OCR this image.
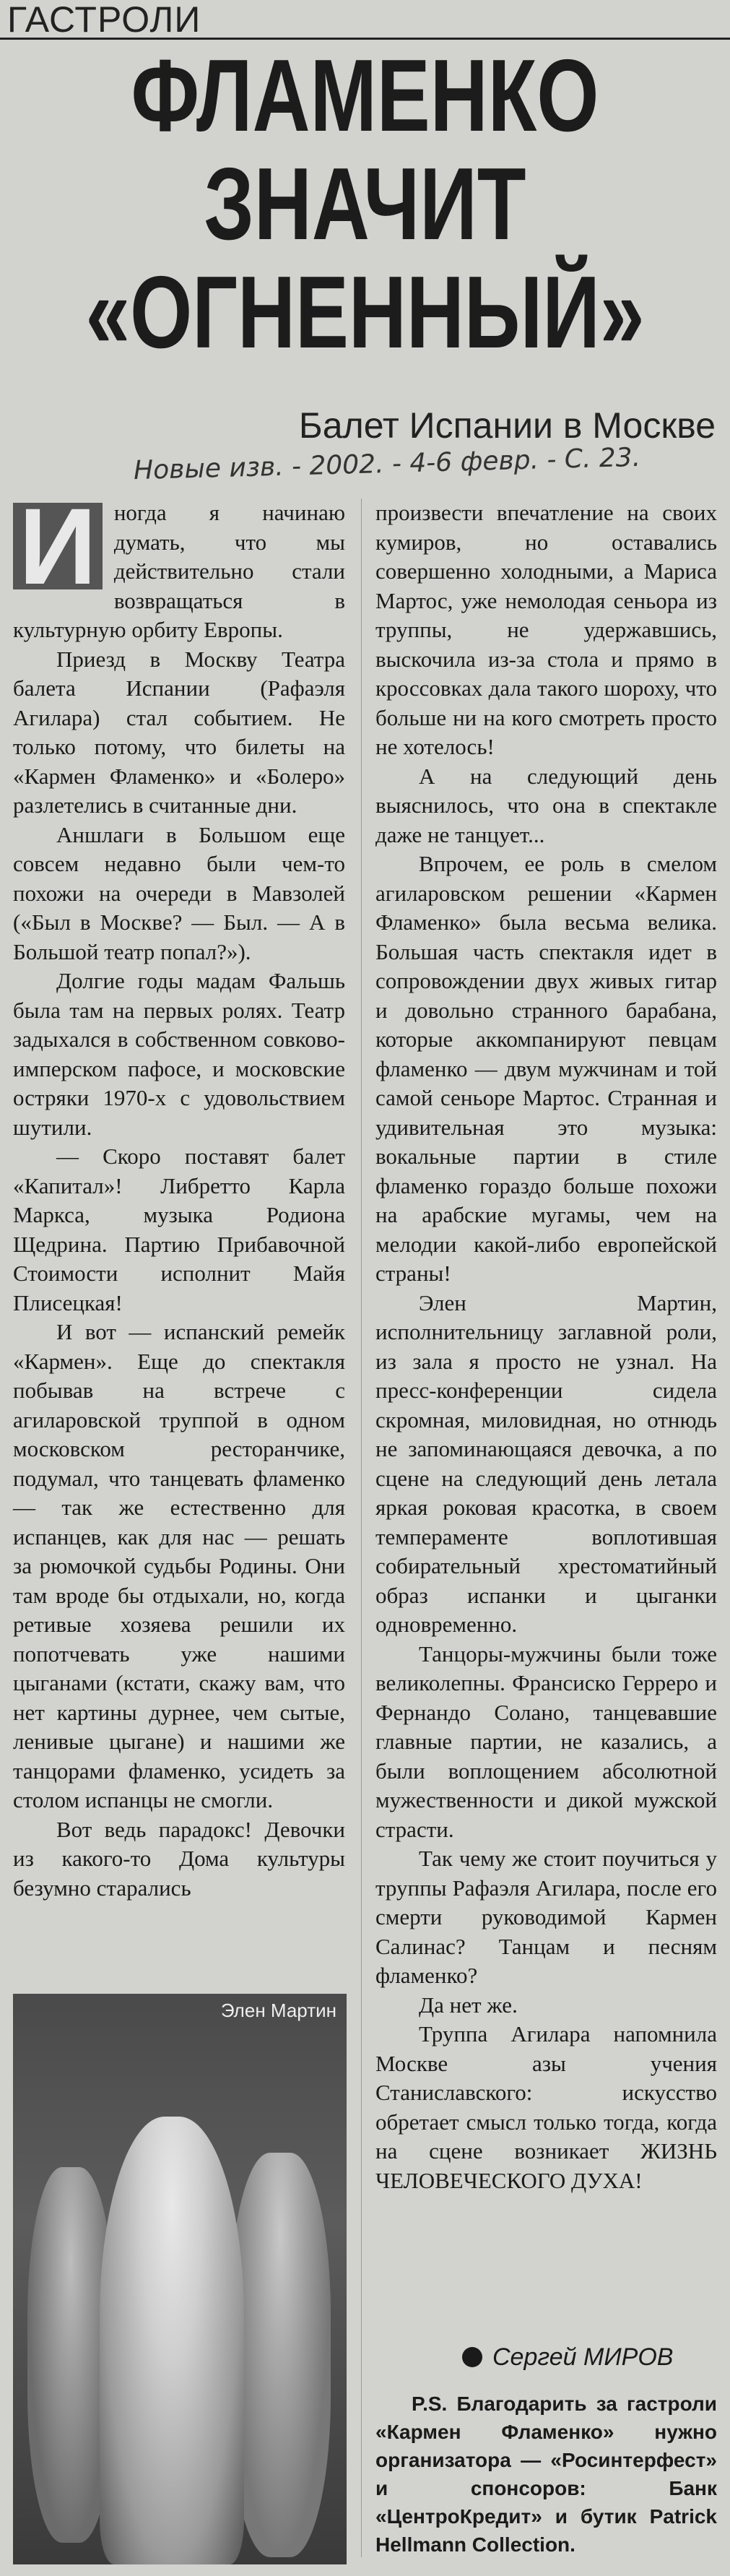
ГАСТРОЛИ
ФЛАМЕНКО
ЗНАЧИТ
«ОГНЕННЫЙ»
Балет Испании в Москве
Новые изв. - 2002. - 4-6 февр. - С. 23.

И ногда я начинаю думать, что мы действительно стали возвращаться в культурную орбиту Европы.

Приезд в Москву Театра балета Испании (Рафаэля Агилара) стал событием. Не только потому, что билеты на «Кармен Фламенко» и «Болеро» разлетелись в считанные дни.

Аншлаги в Большом еще совсем недавно были чем-то похожи на очереди в Мавзолей («Был в Москве? — Был. — А в Большой театр попал?»).

Долгие годы мадам Фальшь была там на первых ролях. Театр задыхался в собственном совково-имперском пафосе, и московские остряки 1970-х с удовольствием шутили.

— Скоро поставят балет «Капитал»! Либретто Карла Маркса, музыка Родиона Щедрина. Партию Прибавочной Стоимости исполнит Майя Плисецкая!

И вот — испанский ремейк «Кармен». Еще до спектакля побывав на встрече с агиларовской труппой в одном московском ресторанчике, подумал, что танцевать фламенко — так же естественно для испанцев, как для нас — решать за рюмочкой судьбы Родины. Они там вроде бы отдыхали, но, когда ретивые хозяева решили их попотчевать уже нашими цыганами (кстати, скажу вам, что нет картины дурнее, чем сытые, ленивые цыгане) и нашими же танцорами фламенко, усидеть за столом испанцы не смогли.

Вот ведь парадокс! Девочки из какого-то Дома культуры безумно старались

произвести впечатление на своих кумиров, но оставались совершенно холодными, а Мариса Мартос, уже немолодая сеньора из труппы, не удержавшись, выскочила из-за стола и прямо в кроссовках дала такого шороху, что больше ни на кого смотреть просто не хотелось!

А на следующий день выяснилось, что она в спектакле даже не танцует...

Впрочем, ее роль в смелом агиларовском решении «Кармен Фламенко» была весьма велика. Большая часть спектакля идет в сопровождении двух живых гитар и довольно странного барабана, которые аккомпанируют певцам фламенко — двум мужчинам и той самой сеньоре Мартос. Странная и удивительная это музыка: вокальные партии в стиле фламенко гораздо больше похожи на арабские мугамы, чем на мелодии какой-либо европейской страны!

Элен Мартин, исполнительницу заглавной роли, из зала я просто не узнал. На пресс-конференции сидела скромная, миловидная, но отнюдь не запоминающаяся девочка, а по сцене на следующий день летала яркая роковая красотка, в своем темпераменте воплотившая собирательный хрестоматийный образ испанки и цыганки одновременно.

Танцоры-мужчины были тоже великолепны. Франсиско Герреро и Фернандо Солано, танцевавшие главные партии, не казались, а были воплощением абсолютной мужественности и дикой мужской страсти.

Так чему же стоит поучиться у труппы Рафаэля Агилара, после его смерти руководимой Кармен Салинас? Танцам и песням фламенко?

Да нет же.

Труппа Агилара напомнила Москве азы учения Станиславского: искусство обретает смысл только тогда, когда на сцене возникает ЖИЗНЬ ЧЕЛОВЕЧЕСКОГО ДУХА!

Элен Мартин
Сергей МИРОВ

P.S. Благодарить за гастроли «Кармен Фламенко» нужно организатора — «Росинтерфест» и спонсоров: Банк «ЦентроКредит» и бутик Patrick Hellmann Collection.
